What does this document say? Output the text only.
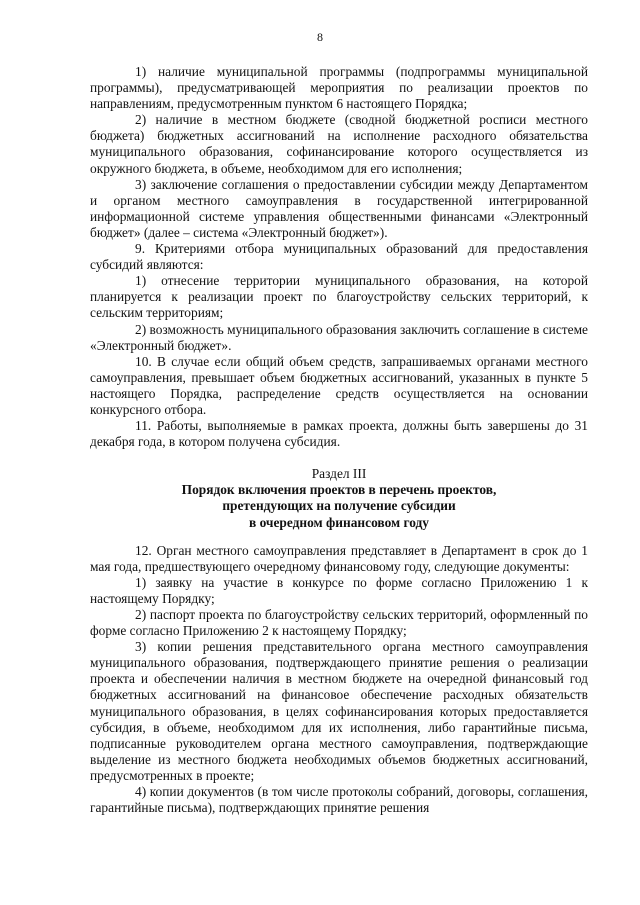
8

1) наличие муниципальной программы (подпрограммы муниципальной программы), предусматривающей мероприятия по реализации проектов по направлениям, предусмотренным пунктом 6 настоящего Порядка;

2) наличие в местном бюджете (сводной бюджетной росписи местного бюджета) бюджетных ассигнований на исполнение расходного обязательства муниципального образования, софинансирование которого осуществляется из окружного бюджета, в объеме, необходимом для его исполнения;

3) заключение соглашения о предоставлении субсидии между Департаментом и органом местного самоуправления в государственной интегрированной информационной системе управления общественными финансами «Электронный бюджет» (далее – система «Электронный бюджет»).

9. Критериями отбора муниципальных образований для предоставления субсидий являются:

1) отнесение территории муниципального образования, на которой планируется к реализации проект по благоустройству сельских территорий, к сельским территориям;

2) возможность муниципального образования заключить соглашение в системе «Электронный бюджет».

10. В случае если общий объем средств, запрашиваемых органами местного самоуправления, превышает объем бюджетных ассигнований, указанных в пункте 5 настоящего Порядка, распределение средств осуществляется на основании конкурсного отбора.

11. Работы, выполняемые в рамках проекта, должны быть завершены до 31 декабря года, в котором получена субсидия.

Раздел III
Порядок включения проектов в перечень проектов,
претендующих на получение субсидии
в очередном финансовом году

12. Орган местного самоуправления представляет в Департамент в срок до 1 мая года, предшествующего очередному финансовому году, следующие документы:

1) заявку на участие в конкурсе по форме согласно Приложению 1 к настоящему Порядку;

2) паспорт проекта по благоустройству сельских территорий, оформленный по форме согласно Приложению 2 к настоящему Порядку;

3) копии решения представительного органа местного самоуправления муниципального образования, подтверждающего принятие решения о реализации проекта и обеспечении наличия в местном бюджете на очередной финансовый год бюджетных ассигнований на финансовое обеспечение расходных обязательств муниципального образования, в целях софинансирования которых предоставляется субсидия, в объеме, необходимом для их исполнения, либо гарантийные письма, подписанные руководителем органа местного самоуправления, подтверждающие выделение из местного бюджета необходимых объемов бюджетных ассигнований, предусмотренных в проекте;

4) копии документов (в том числе протоколы собраний, договоры, соглашения, гарантийные письма), подтверждающих принятие решения
